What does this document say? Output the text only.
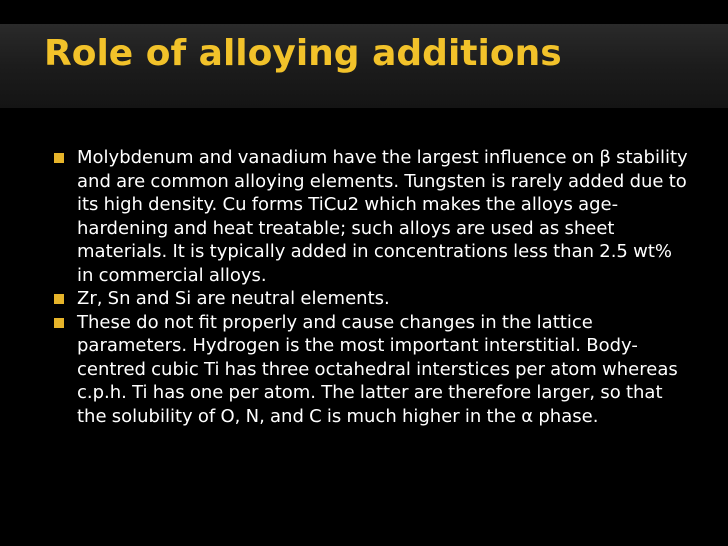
Role of alloying additions
Molybdenum and vanadium have the largest influence on β stability and are common alloying elements. Tungsten is rarely added due to its high density. Cu forms TiCu2 which makes the alloys age-hardening and heat treatable; such alloys are used as sheet materials. It is typically added in concentrations less than 2.5 wt% in commercial alloys.
Zr, Sn and Si are neutral elements.
These do not fit properly and cause changes in the lattice parameters. Hydrogen is the most important interstitial. Body-centred cubic Ti has three octahedral interstices per atom whereas c.p.h. Ti has one per atom. The latter are therefore larger, so that the solubility of O, N, and C is much higher in the α phase.
